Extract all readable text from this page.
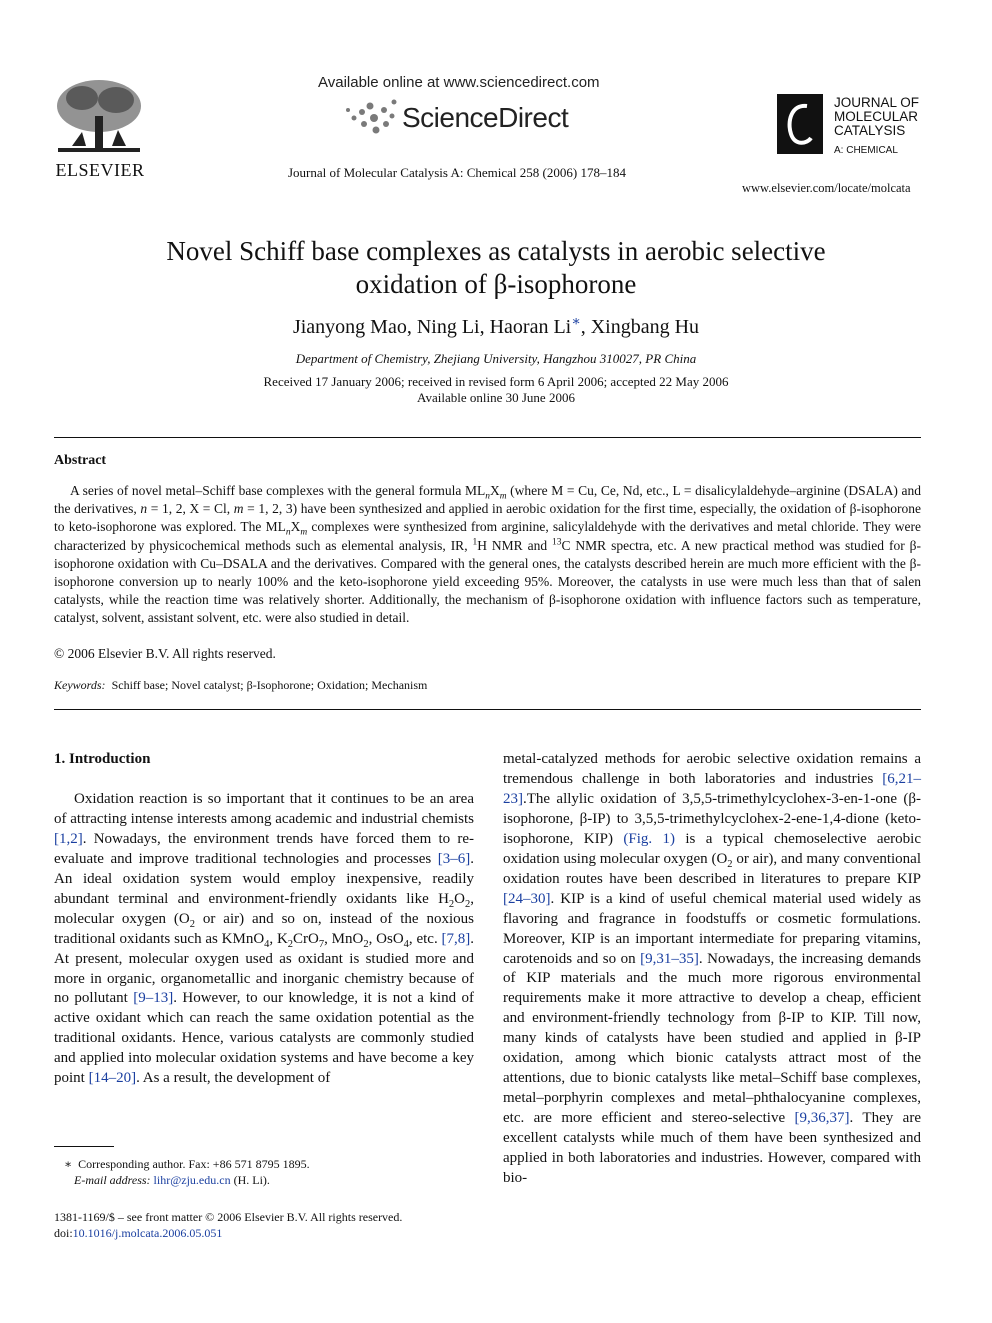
ELSEVIER
Available online at www.sciencedirect.com
ScienceDirect
Journal of Molecular Catalysis A: Chemical 258 (2006) 178–184
JOURNAL OF
MOLECULAR
CATALYSIS
A: CHEMICAL
www.elsevier.com/locate/molcata
Novel Schiff base complexes as catalysts in aerobic selective
oxidation of β-isophorone
Jianyong Mao, Ning Li, Haoran Li∗, Xingbang Hu
Department of Chemistry, Zhejiang University, Hangzhou 310027, PR China
Received 17 January 2006; received in revised form 6 April 2006; accepted 22 May 2006
Available online 30 June 2006
Abstract
A series of novel metal–Schiff base complexes with the general formula $ML_nX_m$ (where M = Cu, Ce, Nd, etc., L = disalicylaldehyde–arginine (DSALA) and the derivatives, n = 1, 2, X = Cl, m = 1, 2, 3) have been synthesized and applied in aerobic oxidation for the first time, especially, the oxidation of β-isophorone to keto-isophorone was explored. The $ML_nX_m$ complexes were synthesized from arginine, salicylaldehyde with the derivatives and metal chloride. They were characterized by physicochemical methods such as elemental analysis, IR, $^1$H NMR and $^{13}$C NMR spectra, etc. A new practical method was studied for β-isophorone oxidation with Cu–DSALA and the derivatives. Compared with the general ones, the catalysts described herein are much more efficient with the β-isophorone conversion up to nearly 100% and the keto-isophorone yield exceeding 95%. Moreover, the catalysts in use were much less than that of salen catalysts, while the reaction time was relatively shorter. Additionally, the mechanism of β-isophorone oxidation with influence factors such as temperature, catalyst, solvent, assistant solvent, etc. were also studied in detail.
© 2006 Elsevier B.V. All rights reserved.
Keywords: Schiff base; Novel catalyst; β-Isophorone; Oxidation; Mechanism
1. Introduction

Oxidation reaction is so important that it continues to be an area of attracting intense interests among academic and industrial chemists [1,2]. Nowadays, the environment trends have forced them to re-evaluate and improve traditional technologies and processes [3–6]. An ideal oxidation system would employ inexpensive, readily abundant terminal and environment-friendly oxidants like $H_2O_2$, molecular oxygen ($O_2$ or air) and so on, instead of the noxious traditional oxidants such as KMnO$_4$, $K_2CrO_7$, MnO$_2$, OsO$_4$, etc. [7,8]. At present, molecular oxygen used as oxidant is studied more and more in organic, organometallic and inorganic chemistry because of no pollutant [9–13]. However, to our knowledge, it is not a kind of active oxidant which can reach the same oxidation potential as the traditional oxidants. Hence, various catalysts are commonly studied and applied into molecular oxidation systems and have become a key point [14–20]. As a result, the development of

metal-catalyzed methods for aerobic selective oxidation remains a tremendous challenge in both laboratories and industries [6,21–23].The allylic oxidation of 3,5,5-trimethylcyclohex-3-en-1-one (β-isophorone, β-IP) to 3,5,5-trimethylcyclohex-2-ene-1,4-dione (keto-isophorone, KIP) (Fig. 1) is a typical chemoselective aerobic oxidation using molecular oxygen ($O_2$ or air), and many conventional oxidation routes have been described in literatures to prepare KIP [24–30]. KIP is a kind of useful chemical material used widely as flavoring and fragrance in foodstuffs or cosmetic formulations. Moreover, KIP is an important intermediate for preparing vitamins, carotenoids and so on [9,31–35]. Nowadays, the increasing demands of KIP materials and the much more rigorous environmental requirements make it more attractive to develop a cheap, efficient and environment-friendly technology from β-IP to KIP. Till now, many kinds of catalysts have been studied and applied in β-IP oxidation, among which bionic catalysts attract most of the attentions, due to bionic catalysts like metal–Schiff base complexes, metal–porphyrin complexes and metal–phthalocyanine complexes, etc. are more efficient and stereo-selective [9,36,37]. They are excellent catalysts while much of them have been synthesized and applied in both laboratories and industries. However, compared with bio-

∗ Corresponding author. Fax: +86 571 8795 1895.
E-mail address: lihr@zju.edu.cn (H. Li).
1381-1169/$ – see front matter © 2006 Elsevier B.V. All rights reserved.
doi:10.1016/j.molcata.2006.05.051
